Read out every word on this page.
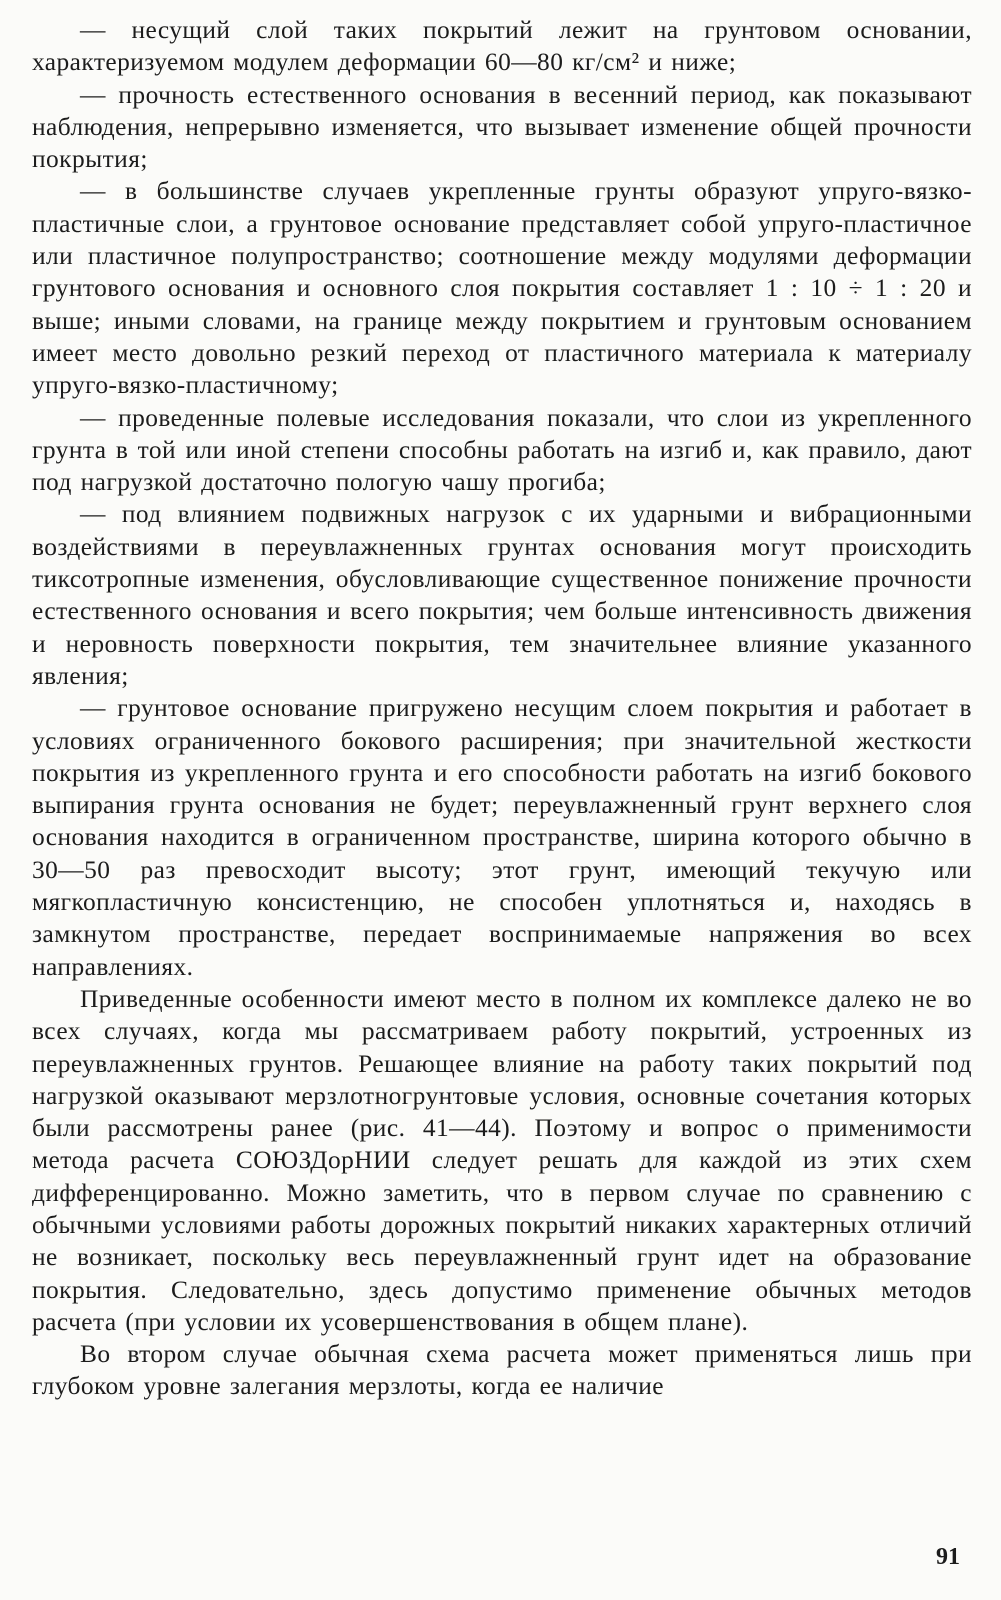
— несущий слой таких покрытий лежит на грунтовом основании, характеризуемом модулем деформации 60—80 кг/см² и ниже;

— прочность естественного основания в весенний период, как показывают наблюдения, непрерывно изменяется, что вызывает изменение общей прочности покрытия;

— в большинстве случаев укрепленные грунты образуют упруго-вязко-пластичные слои, а грунтовое основание представляет собой упруго-пластичное или пластичное полупространство; соотношение между модулями деформации грунтового основания и основного слоя покрытия составляет 1 : 10 ÷ 1 : 20 и выше; иными словами, на границе между покрытием и грунтовым основанием имеет место довольно резкий переход от пластичного материала к материалу упруго-вязко-пластичному;

— проведенные полевые исследования показали, что слои из укрепленного грунта в той или иной степени способны работать на изгиб и, как правило, дают под нагрузкой достаточно пологую чашу прогиба;

— под влиянием подвижных нагрузок с их ударными и вибрационными воздействиями в переувлажненных грунтах основания могут происходить тиксотропные изменения, обусловливающие существенное понижение прочности естественного основания и всего покрытия; чем больше интенсивность движения и неровность поверхности покрытия, тем значительнее влияние указанного явления;

— грунтовое основание пригружено несущим слоем покрытия и работает в условиях ограниченного бокового расширения; при значительной жесткости покрытия из укрепленного грунта и его способности работать на изгиб бокового выпирания грунта основания не будет; переувлажненный грунт верхнего слоя основания находится в ограниченном пространстве, ширина которого обычно в 30—50 раз превосходит высоту; этот грунт, имеющий текучую или мягкопластичную консистенцию, не способен уплотняться и, находясь в замкнутом пространстве, передает воспринимаемые напряжения во всех направлениях.

Приведенные особенности имеют место в полном их комплексе далеко не во всех случаях, когда мы рассматриваем работу покрытий, устроенных из переувлажненных грунтов. Решающее влияние на работу таких покрытий под нагрузкой оказывают мерзлотногрунтовые условия, основные сочетания которых были рассмотрены ранее (рис. 41—44). Поэтому и вопрос о применимости метода расчета СОЮЗДорНИИ следует решать для каждой из этих схем дифференцированно. Можно заметить, что в первом случае по сравнению с обычными условиями работы дорожных покрытий никаких характерных отличий не возникает, поскольку весь переувлажненный грунт идет на образование покрытия. Следовательно, здесь допустимо применение обычных методов расчета (при условии их усовершенствования в общем плане).

Во втором случае обычная схема расчета может применяться лишь при глубоком уровне залегания мерзлоты, когда ее наличие

91
